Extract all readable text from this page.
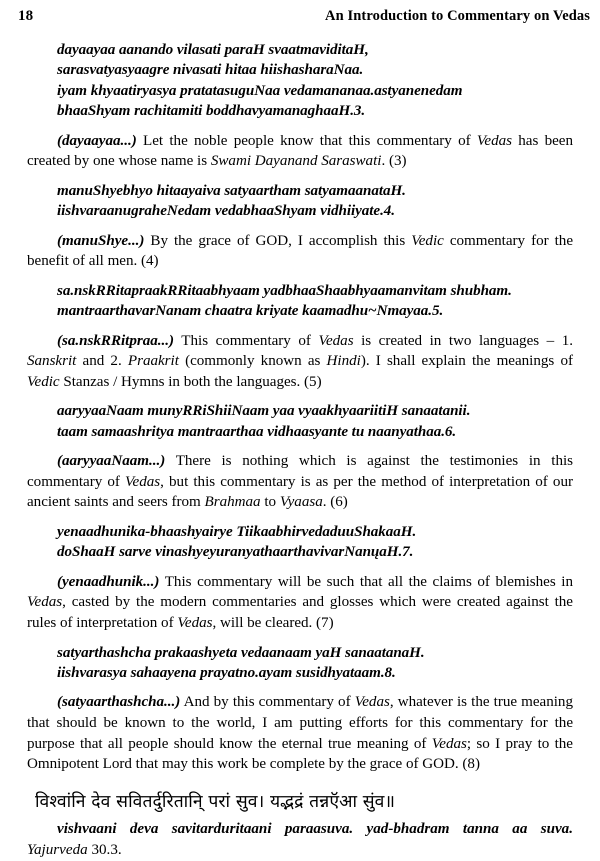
18	An Introduction to Commentary on Vedas
dayaayaa aanando vilasati paraH svaatmaviditaH,
sarasvatyasyaagre nivasati hitaa hiishasharaNaa.
iyam khyaatiryasya pratatasuguNaa vedamananaa.astyanenedam
bhaaShyam rachitamiti boddhavyamanaghaaH.3.

(dayaayaa...) Let the noble people know that this commentary of Vedas has been created by one whose name is Swami Dayanand Saraswati. (3)

manuShyebhyo hitaayaiva satyaartham satyamaanataH.
iishvaraanugraheNedam vedabhaaShyam vidhiiyate.4.

(manuShye...) By the grace of GOD, I accomplish this Vedic commentary for the benefit of all men. (4)

sa.nskRRitapraakRRitaabhyaam yadbhaaShaabhyaamanvitam shubham.
mantraarthavarNanam chaatra kriyate kaamadhu~Nmayaa.5.

(sa.nskRRitpraa...) This commentary of Vedas is created in two languages – 1. Sanskrit and 2. Praakrit (commonly known as Hindi). I shall explain the meanings of Vedic Stanzas / Hymns in both the languages. (5)

aaryyaaNaam munyRRiShiiNaam yaa vyaakhyaariitiH sanaatanii.
taam samaashritya mantraarthaa vidhaasyante tu naanyathaa.6.

(aaryyaaNaam...) There is nothing which is against the testimonies in this commentary of Vedas, but this commentary is as per the method of interpretation of our ancient saints and seers from Brahmaa to Vyaasa. (6)

yenaadhunika-bhaashyairye TiikaabhirvedaduuShakaaH.
doShaaH sarve vinashyeyuranyathaarthavivarNanųaH.7.

(yenaadhunik...) This commentary will be such that all the claims of blemishes in Vedas, casted by the modern commentaries and glosses which were created against the rules of interpretation of Vedas, will be cleared. (7)

satyarthashcha prakaashyeta vedaanaam yaH sanaatanaH.
iishvarasya sahaayena prayatno.ayam susidhyataam.8.

(satyaarthashcha...) And by this commentary of Vedas, whatever is the true meaning that should be known to the world, I am putting efforts for this commentary for the purpose that all people should know the eternal true meaning of Vedas; so I pray to the Omnipotent Lord that may this work be complete by the grace of GOD. (8)

विश्वांनि देव सवितर्दुरितानि् परां सुव। यद्भद्रं तन्नऍआ सुंव॥

vishvaani deva savitarduritaani paraasuva. yad-bhadram tanna aa suva. Yajurveda 30.3.
